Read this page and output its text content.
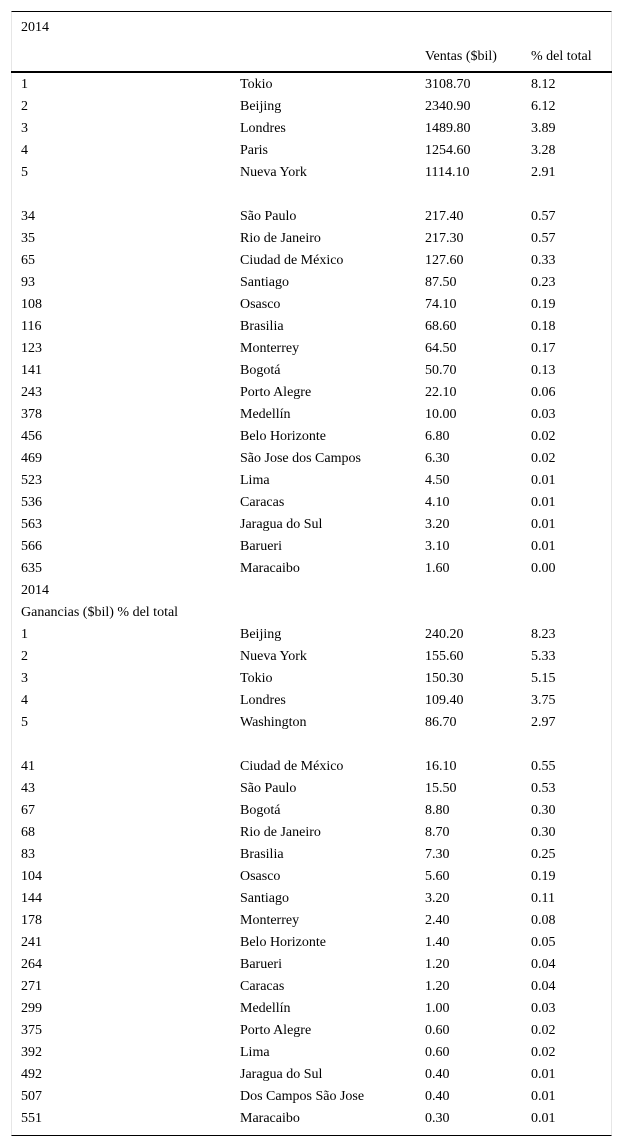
2014
Ventas ($bil) % del total
1	Tokio	3108.70	8.12
2	Beijing	2340.90	6.12
3	Londres	1489.80	3.89
4	Paris	1254.60	3.28
5	Nueva York	1114.10	2.91
34	São Paulo	217.40	0.57
35	Rio de Janeiro	217.30	0.57
65	Ciudad de México	127.60	0.33
93	Santiago	87.50	0.23
108	Osasco	74.10	0.19
116	Brasilia	68.60	0.18
123	Monterrey	64.50	0.17
141	Bogotá	50.70	0.13
243	Porto Alegre	22.10	0.06
378	Medellín	10.00	0.03
456	Belo Horizonte	6.80	0.02
469	São Jose dos Campos	6.30	0.02
523	Lima	4.50	0.01
536	Caracas	4.10	0.01
563	Jaragua do Sul	3.20	0.01
566	Barueri	3.10	0.01
635	Maracaibo	1.60	0.00
2014
Ganancias ($bil) % del total
1	Beijing	240.20	8.23
2	Nueva York	155.60	5.33
3	Tokio	150.30	5.15
4	Londres	109.40	3.75
5	Washington	86.70	2.97
41	Ciudad de México	16.10	0.55
43	São Paulo	15.50	0.53
67	Bogotá	8.80	0.30
68	Rio de Janeiro	8.70	0.30
83	Brasilia	7.30	0.25
104	Osasco	5.60	0.19
144	Santiago	3.20	0.11
178	Monterrey	2.40	0.08
241	Belo Horizonte	1.40	0.05
264	Barueri	1.20	0.04
271	Caracas	1.20	0.04
299	Medellín	1.00	0.03
375	Porto Alegre	0.60	0.02
392	Lima	0.60	0.02
492	Jaragua do Sul	0.40	0.01
507	Dos Campos São Jose	0.40	0.01
551	Maracaibo	0.30	0.01
